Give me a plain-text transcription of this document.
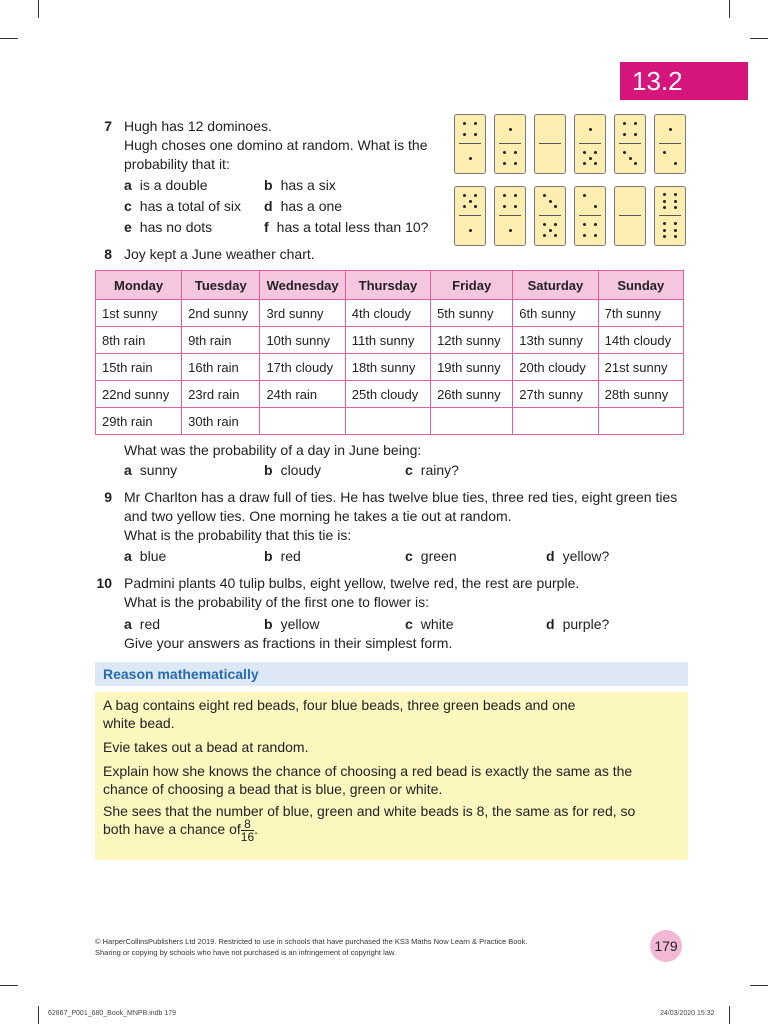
13.2
7 Hugh has 12 dominoes.
Hugh choses one domino at random. What is the
probability that it:
a is a double	b has a six
c has a total of six d has a one
e has no dots	f has a total less than 10?
8 Joy kept a June weather chart.
Monday	Tuesday	Wednesday	Thursday	Friday	Saturday	Sunday
1st sunny	2nd sunny	3rd sunny	4th cloudy	5th sunny	6th sunny	7th sunny
8th rain	9th rain	10th sunny	11th sunny	12th sunny	13th sunny	14th cloudy
15th rain	16th rain	17th cloudy	18th sunny	19th sunny	20th cloudy	21st sunny
22nd sunny	23rd rain	24th rain	25th cloudy	26th sunny	27th sunny	28th sunny
29th rain	30th rain					
What was the probability of a day in June being:
a sunny	b cloudy	c rainy?
9 Mr Charlton has a draw full of ties. He has twelve blue ties, three red ties, eight green ties
and two yellow ties. One morning he takes a tie out at random.
What is the probability that this tie is:
a blue	b red	c green	d yellow?
10 Padmini plants 40 tulip bulbs, eight yellow, twelve red, the rest are purple.
What is the probability of the first one to flower is:
a red	b yellow	c white	d purple?
Give your answers as fractions in their simplest form.
Reason mathematically
A bag contains eight red beads, four blue beads, three green beads and one
white bead.
Evie takes out a bead at random.
Explain how she knows the chance of choosing a red bead is exactly the same as the
chance of choosing a bead that is blue, green or white.
She sees that the number of blue, green and white beads is 8, the same as for red, so
both have a chance of $\frac{8}{16}$ .
© HarperCollinsPublishers Ltd 2019. Restricted to use in schools that have purchased the KS3 Maths Now Learn & Practice Book.
Sharing or copying by schools who have not purchased is an infringement of copyright law.	179
62867_P001_680_Book_MNPB.indb 179	24/03/2020 15:32
